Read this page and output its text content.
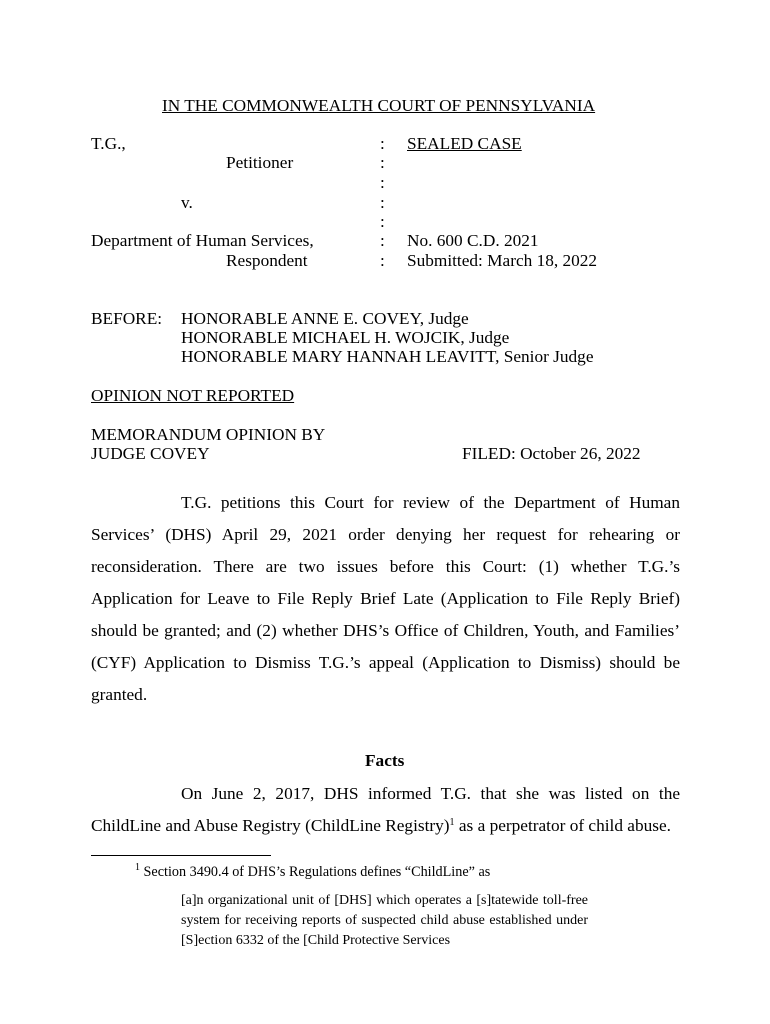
IN THE COMMONWEALTH COURT OF PENNSYLVANIA
T.G.,
Petitioner
v.
Department of Human Services,
Respondent
:
:
:
:
:
:
:
SEALED CASE
No. 600 C.D. 2021
Submitted: March 18, 2022
BEFORE: HONORABLE ANNE E. COVEY, Judge
HONORABLE MICHAEL H. WOJCIK, Judge
HONORABLE MARY HANNAH LEAVITT, Senior Judge
OPINION NOT REPORTED
MEMORANDUM OPINION BY
JUDGE COVEY	FILED: October 26, 2022

T.G. petitions this Court for review of the Department of Human Services’ (DHS) April 29, 2021 order denying her request for rehearing or reconsideration. There are two issues before this Court: (1) whether T.G.’s Application for Leave to File Reply Brief Late (Application to File Reply Brief) should be granted; and (2) whether DHS’s Office of Children, Youth, and Families’ (CYF) Application to Dismiss T.G.’s appeal (Application to Dismiss) should be granted.

Facts

On June 2, 2017, DHS informed T.G. that she was listed on the ChildLine and Abuse Registry (ChildLine Registry)$^1$ as a perpetrator of child abuse.

$^1$ Section 3490.4 of DHS’s Regulations defines “ChildLine” as
[a]n organizational unit of [DHS] which operates a [s]tatewide toll-free system for receiving reports of suspected child abuse established under [S]ection 6332 of the [Child Protective Services
